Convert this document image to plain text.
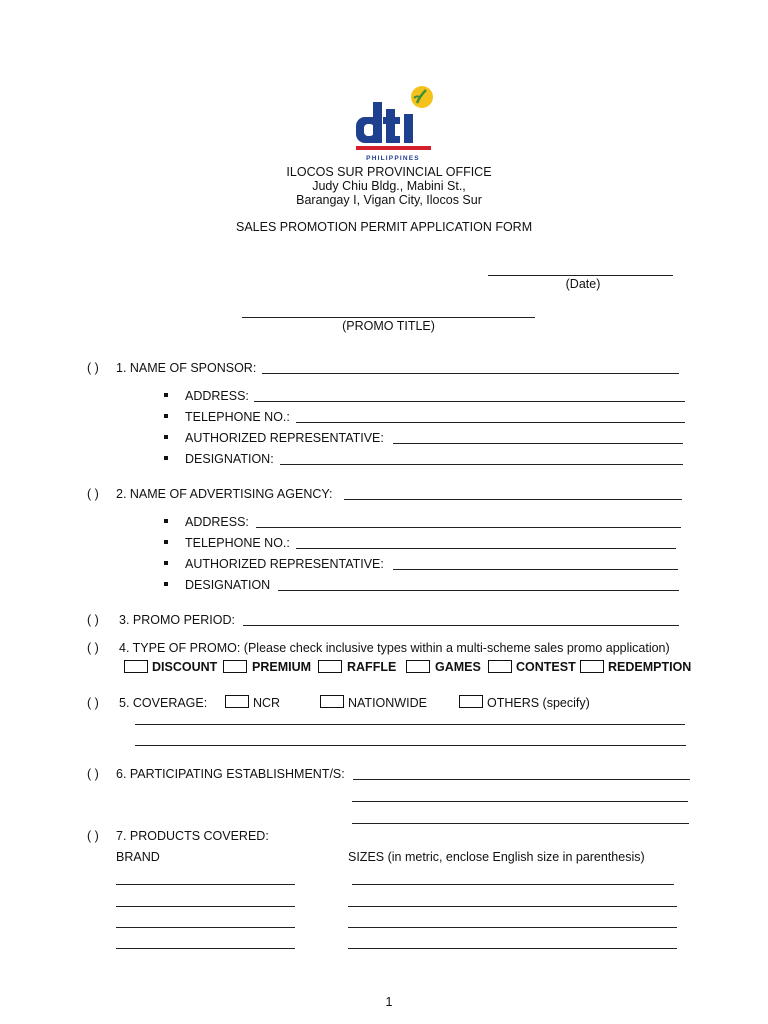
PHILIPPINES
ILOCOS SUR PROVINCIAL OFFICE
Judy Chiu Bldg., Mabini St.,
Barangay I, Vigan City, Ilocos Sur
SALES PROMOTION PERMIT APPLICATION FORM
(Date)
(PROMO TITLE)
( ) 1. NAME OF SPONSOR:
ADDRESS:
TELEPHONE NO.:
AUTHORIZED REPRESENTATIVE:
DESIGNATION:
( ) 2. NAME OF ADVERTISING AGENCY:
ADDRESS:
TELEPHONE NO.:
AUTHORIZED REPRESENTATIVE:
DESIGNATION
( ) 3. PROMO PERIOD:
( ) 4. TYPE OF PROMO: (Please check inclusive types within a multi-scheme sales promo application)
DISCOUNT	PREMIUM	RAFFLE	GAMES	CONTEST	REDEMPTION
( ) 5. COVERAGE:	NCR	NATIONWIDE	OTHERS (specify)
( ) 6. PARTICIPATING ESTABLISHMENT/S:
( ) 7. PRODUCTS COVERED:
BRAND	SIZES (in metric, enclose English size in parenthesis)
1
